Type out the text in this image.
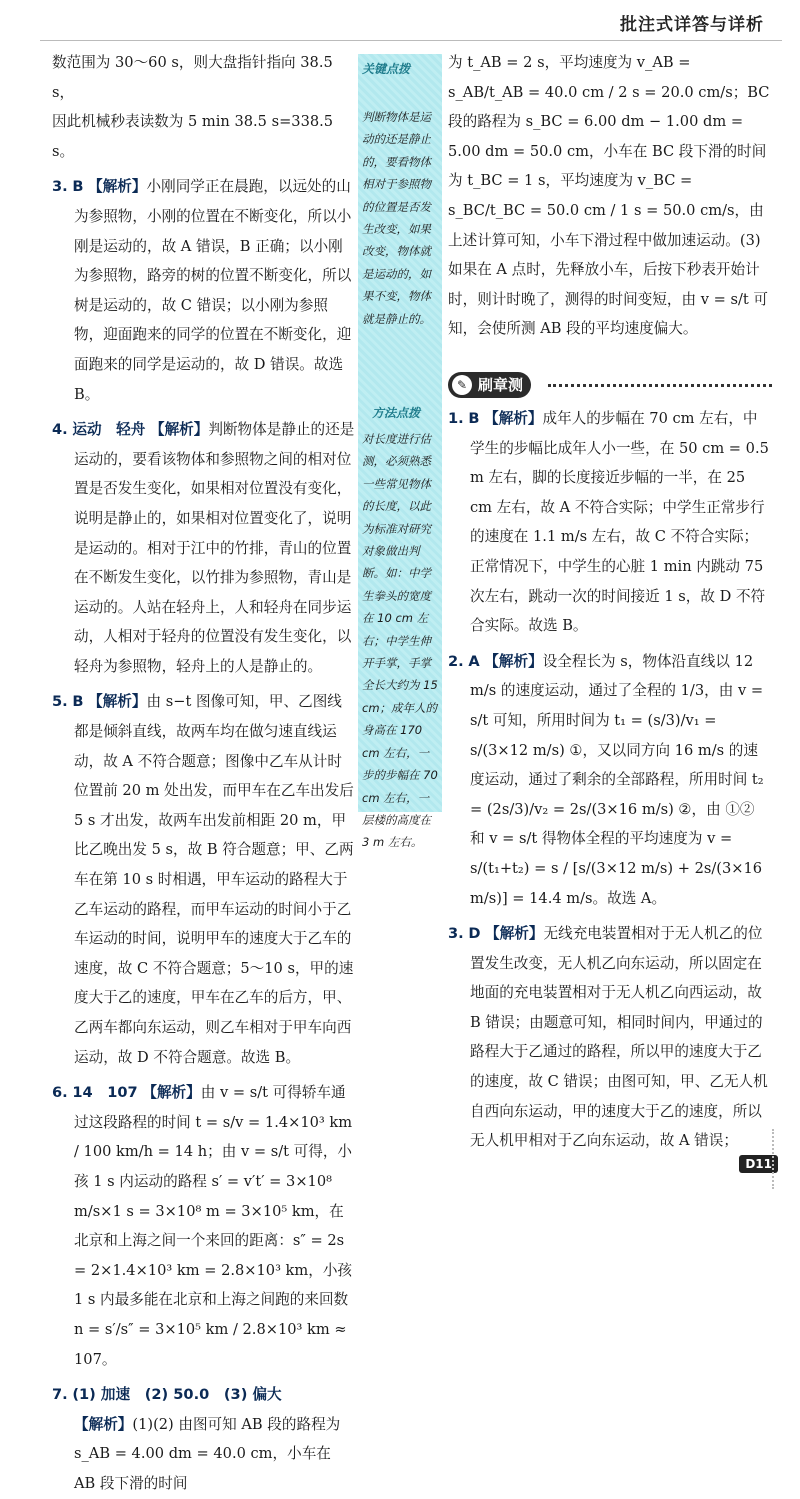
批注式详答与详析
关键点拨
判断物体是运动的还是静止的，要看物体相对于参照物的位置是否发生改变，如果改变，物体就是运动的，如果不变，物体就是静止的。
方法点拨
对长度进行估测，必须熟悉一些常见物体的长度，以此为标准对研究对象做出判断。如：中学生拳头的宽度在 10 cm 左右；中学生伸开手掌，手掌全长大约为 15 cm；成年人的身高在 170 cm 左右，一步的步幅在 70 cm 左右，一层楼的高度在 3 m 左右。

数范围为 30～60 s，则大盘指针指向 38.5 s，

因此机械秒表读数为 5 min 38.5 s=338.5 s。

3. B 【解析】小刚同学正在晨跑，以远处的山为参照物，小刚的位置在不断变化，所以小刚是运动的，故 A 错误，B 正确；以小刚为参照物，路旁的树的位置不断变化，所以树是运动的，故 C 错误；以小刚为参照物，迎面跑来的同学的位置在不断变化，迎面跑来的同学是运动的，故 D 错误。故选 B。

4. 运动　轻舟 【解析】判断物体是静止的还是运动的，要看该物体和参照物之间的相对位置是否发生变化，如果相对位置没有变化，说明是静止的，如果相对位置变化了，说明是运动的。相对于江中的竹排，青山的位置在不断发生变化，以竹排为参照物，青山是运动的。人站在轻舟上，人和轻舟在同步运动，人相对于轻舟的位置没有发生变化，以轻舟为参照物，轻舟上的人是静止的。

5. B 【解析】由 s−t 图像可知，甲、乙图线都是倾斜直线，故两车均在做匀速直线运动，故 A 不符合题意；图像中乙车从计时位置前 20 m 处出发，而甲车在乙车出发后 5 s 才出发，故两车出发前相距 20 m，甲比乙晚出发 5 s，故 B 符合题意；甲、乙两车在第 10 s 时相遇，甲车运动的路程大于乙车运动的路程，而甲车运动的时间小于乙车运动的时间，说明甲车的速度大于乙车的速度，故 C 不符合题意；5～10 s，甲的速度大于乙的速度，甲车在乙车的后方，甲、乙两车都向东运动，则乙车相对于甲车向西运动，故 D 不符合题意。故选 B。

6. 14　107 【解析】由 v = s/t 可得轿车通过这段路程的时间 t = s/v = 1.4×10³ km / 100 km/h = 14 h；由 v = s/t 可得，小孩 1 s 内运动的路程 s′ = v′t′ = 3×10⁸ m/s×1 s = 3×10⁸ m = 3×10⁵ km，在北京和上海之间一个来回的距离：s″ = 2s = 2×1.4×10³ km = 2.8×10³ km，小孩 1 s 内最多能在北京和上海之间跑的来回数 n = s′/s″ = 3×10⁵ km / 2.8×10³ km ≈ 107。

7. (1) 加速　(2) 50.0　(3) 偏大
【解析】(1)(2) 由图可知 AB 段的路程为 s_AB = 4.00 dm = 40.0 cm，小车在 AB 段下滑的时间

为 t_AB = 2 s，平均速度为 v_AB = s_AB/t_AB = 40.0 cm / 2 s = 20.0 cm/s；BC 段的路程为 s_BC = 6.00 dm − 1.00 dm = 5.00 dm = 50.0 cm，小车在 BC 段下滑的时间为 t_BC = 1 s，平均速度为 v_BC = s_BC/t_BC = 50.0 cm / 1 s = 50.0 cm/s，由上述计算可知，小车下滑过程中做加速运动。(3) 如果在 A 点时，先释放小车，后按下秒表开始计时，则计时晚了，测得的时间变短，由 v = s/t 可知，会使所测 AB 段的平均速度偏大。

✎ 刷章测

1. B 【解析】成年人的步幅在 70 cm 左右，中学生的步幅比成年人小一些，在 50 cm = 0.5 m 左右，脚的长度接近步幅的一半，在 25 cm 左右，故 A 不符合实际；中学生正常步行的速度在 1.1 m/s 左右，故 C 不符合实际；正常情况下，中学生的心脏 1 min 内跳动 75 次左右，跳动一次的时间接近 1 s，故 D 不符合实际。故选 B。

2. A 【解析】设全程长为 s，物体沿直线以 12 m/s 的速度运动，通过了全程的 1/3，由 v = s/t 可知，所用时间为 t₁ = (s/3)/v₁ = s/(3×12 m/s) ①，又以同方向 16 m/s 的速度运动，通过了剩余的全部路程，所用时间 t₂ = (2s/3)/v₂ = 2s/(3×16 m/s) ②，由 ①② 和 v = s/t 得物体全程的平均速度为 v = s/(t₁+t₂) = s / [s/(3×12 m/s) + 2s/(3×16 m/s)] = 14.4 m/s。故选 A。

3. D 【解析】无线充电装置相对于无人机乙的位置发生改变，无人机乙向东运动，所以固定在地面的充电装置相对于无人机乙向西运动，故 B 错误；由题意可知，相同时间内，甲通过的路程大于乙通过的路程，所以甲的速度大于乙的速度，故 C 错误；由图可知，甲、乙无人机自西向东运动，甲的速度大于乙的速度，所以无人机甲相对于乙向东运动，故 A 错误；

D11
